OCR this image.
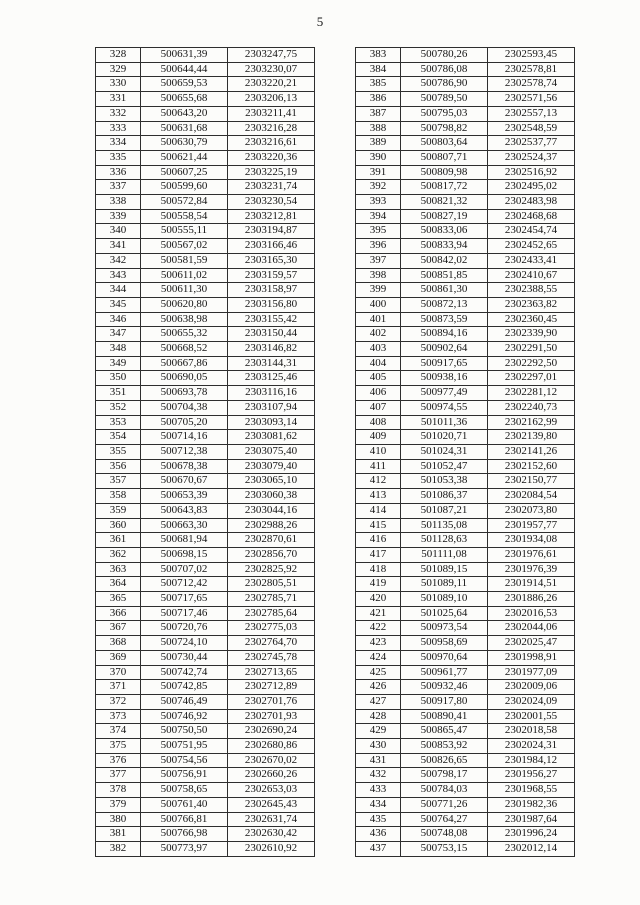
5
328	500631,39	2303247,75
329	500644,44	2303230,07
330	500659,53	2303220,21
331	500655,68	2303206,13
332	500643,20	2303211,41
333	500631,68	2303216,28
334	500630,79	2303216,61
335	500621,44	2303220,36
336	500607,25	2303225,19
337	500599,60	2303231,74
338	500572,84	2303230,54
339	500558,54	2303212,81
340	500555,11	2303194,87
341	500567,02	2303166,46
342	500581,59	2303165,30
343	500611,02	2303159,57
344	500611,30	2303158,97
345	500620,80	2303156,80
346	500638,98	2303155,42
347	500655,32	2303150,44
348	500668,52	2303146,82
349	500667,86	2303144,31
350	500690,05	2303125,46
351	500693,78	2303116,16
352	500704,38	2303107,94
353	500705,20	2303093,14
354	500714,16	2303081,62
355	500712,38	2303075,40
356	500678,38	2303079,40
357	500670,67	2303065,10
358	500653,39	2303060,38
359	500643,83	2303044,16
360	500663,30	2302988,26
361	500681,94	2302870,61
362	500698,15	2302856,70
363	500707,02	2302825,92
364	500712,42	2302805,51
365	500717,65	2302785,71
366	500717,46	2302785,64
367	500720,76	2302775,03
368	500724,10	2302764,70
369	500730,44	2302745,78
370	500742,74	2302713,65
371	500742,85	2302712,89
372	500746,49	2302701,76
373	500746,92	2302701,93
374	500750,50	2302690,24
375	500751,95	2302680,86
376	500754,56	2302670,02
377	500756,91	2302660,26
378	500758,65	2302653,03
379	500761,40	2302645,43
380	500766,81	2302631,74
381	500766,98	2302630,42
382	500773,97	2302610,92
383	500780,26	2302593,45
384	500786,08	2302578,81
385	500786,90	2302578,74
386	500789,50	2302571,56
387	500795,03	2302557,13
388	500798,82	2302548,59
389	500803,64	2302537,77
390	500807,71	2302524,37
391	500809,98	2302516,92
392	500817,72	2302495,02
393	500821,32	2302483,98
394	500827,19	2302468,68
395	500833,06	2302454,74
396	500833,94	2302452,65
397	500842,02	2302433,41
398	500851,85	2302410,67
399	500861,30	2302388,55
400	500872,13	2302363,82
401	500873,59	2302360,45
402	500894,16	2302339,90
403	500902,64	2302291,50
404	500917,65	2302292,50
405	500938,16	2302297,01
406	500977,49	2302281,12
407	500974,55	2302240,73
408	501011,36	2302162,99
409	501020,71	2302139,80
410	501024,31	2302141,26
411	501052,47	2302152,60
412	501053,38	2302150,77
413	501086,37	2302084,54
414	501087,21	2302073,80
415	501135,08	2301957,77
416	501128,63	2301934,08
417	501111,08	2301976,61
418	501089,15	2301976,39
419	501089,11	2301914,51
420	501089,10	2301886,26
421	501025,64	2302016,53
422	500973,54	2302044,06
423	500958,69	2302025,47
424	500970,64	2301998,91
425	500961,77	2301977,09
426	500932,46	2302009,06
427	500917,80	2302024,09
428	500890,41	2302001,55
429	500865,47	2302018,58
430	500853,92	2302024,31
431	500826,65	2301984,12
432	500798,17	2301956,27
433	500784,03	2301968,55
434	500771,26	2301982,36
435	500764,27	2301987,64
436	500748,08	2301996,24
437	500753,15	2302012,14
